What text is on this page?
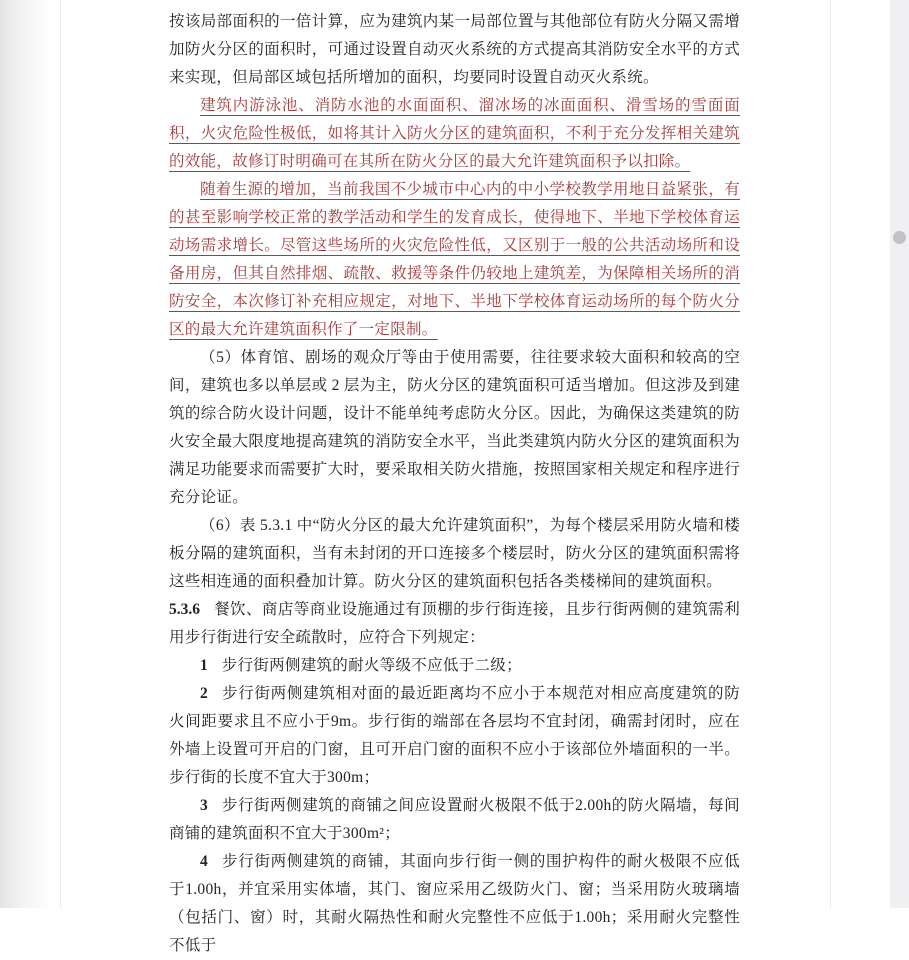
按该局部面积的一倍计算，应为建筑内某一局部位置与其他部位有防火分隔又需增加防火分区的面积时，可通过设置自动灭火系统的方式提高其消防安全水平的方式来实现，但局部区域包括所增加的面积，均要同时设置自动灭火系统。

建筑内游泳池、消防水池的水面面积、溜冰场的冰面面积、滑雪场的雪面面积，火灾危险性极低，如将其计入防火分区的建筑面积，不利于充分发挥相关建筑的效能，故修订时明确可在其所在防火分区的最大允许建筑面积予以扣除。

随着生源的增加，当前我国不少城市中心内的中小学校教学用地日益紧张，有的甚至影响学校正常的教学活动和学生的发育成长，使得地下、半地下学校体育运动场需求增长。尽管这些场所的火灾危险性低，又区别于一般的公共活动场所和设备用房，但其自然排烟、疏散、救援等条件仍较地上建筑差，为保障相关场所的消防安全，本次修订补充相应规定，对地下、半地下学校体育运动场所的每个防火分区的最大允许建筑面积作了一定限制。

（5）体育馆、剧场的观众厅等由于使用需要，往往要求较大面积和较高的空间，建筑也多以单层或 2 层为主，防火分区的建筑面积可适当增加。但这涉及到建筑的综合防火设计问题，设计不能单纯考虑防火分区。因此，为确保这类建筑的防火安全最大限度地提高建筑的消防安全水平，当此类建筑内防火分区的建筑面积为满足功能要求而需要扩大时，要采取相关防火措施，按照国家相关规定和程序进行充分论证。

（6）表 5.3.1 中“防火分区的最大允许建筑面积”，为每个楼层采用防火墙和楼板分隔的建筑面积，当有未封闭的开口连接多个楼层时，防火分区的建筑面积需将这些相连通的面积叠加计算。防火分区的建筑面积包括各类楼梯间的建筑面积。

5.3.6 餐饮、商店等商业设施通过有顶棚的步行街连接，且步行街两侧的建筑需利用步行街进行安全疏散时，应符合下列规定：

1 步行街两侧建筑的耐火等级不应低于二级；

2 步行街两侧建筑相对面的最近距离均不应小于本规范对相应高度建筑的防火间距要求且不应小于9m。步行街的端部在各层均不宜封闭，确需封闭时，应在外墙上设置可开启的门窗，且可开启门窗的面积不应小于该部位外墙面积的一半。步行街的长度不宜大于300m；

3 步行街两侧建筑的商铺之间应设置耐火极限不低于2.00h的防火隔墙，每间商铺的建筑面积不宜大于300m²；

4 步行街两侧建筑的商铺，其面向步行街一侧的围护构件的耐火极限不应低于1.00h，并宜采用实体墙，其门、窗应采用乙级防火门、窗；当采用防火玻璃墙（包括门、窗）时，其耐火隔热性和耐火完整性不应低于1.00h；采用耐火完整性不低于
